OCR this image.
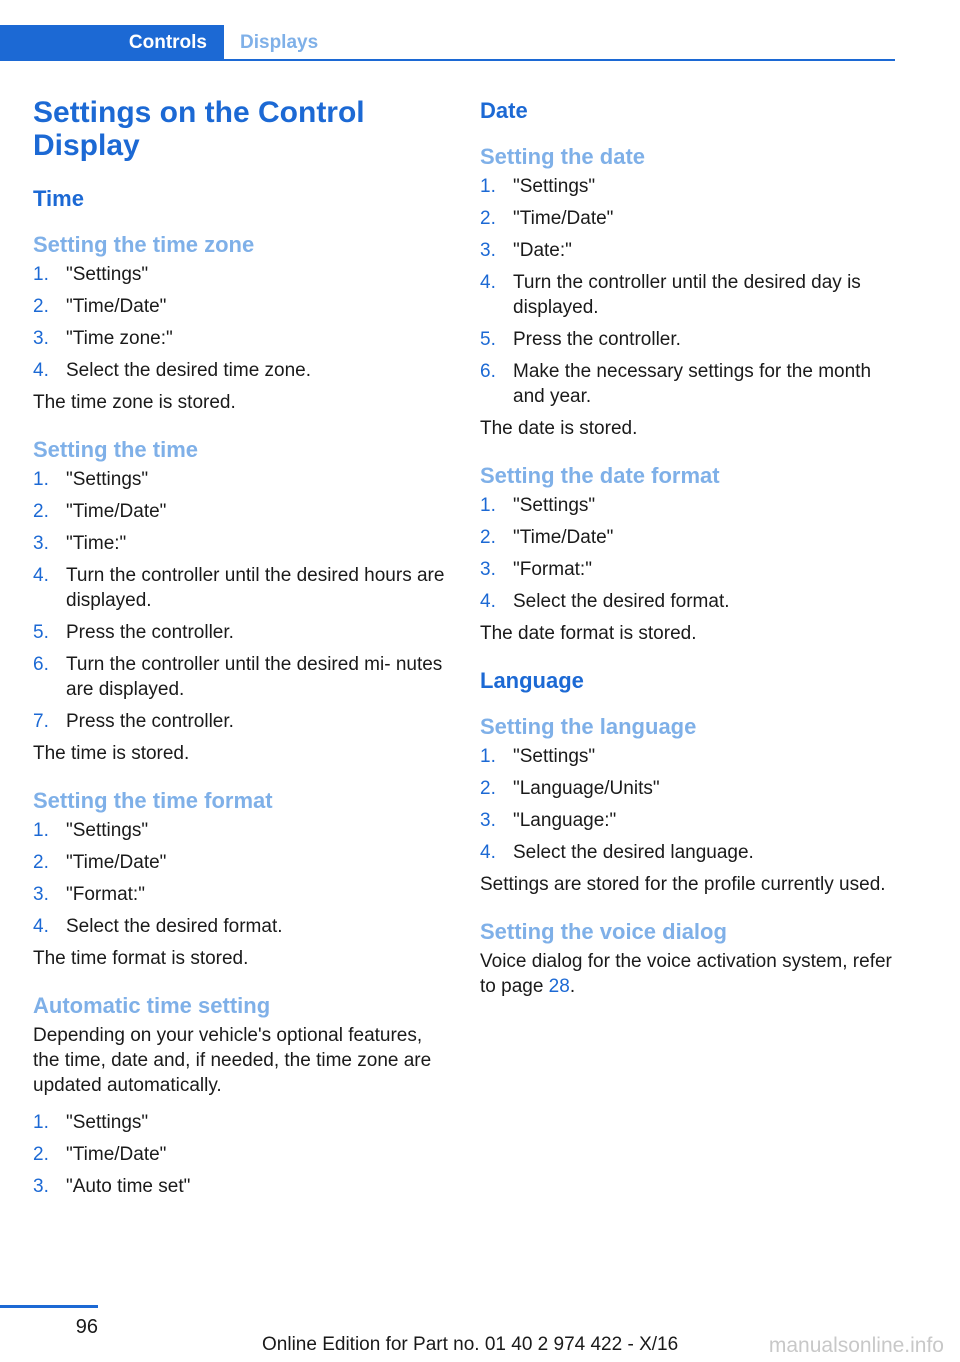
Controls	Displays
Settings on the Control Display
Time
Setting the time zone
1. "Settings"
2. "Time/Date"
3. "Time zone:"
4. Select the desired time zone.

The time zone is stored.

Setting the time
1. "Settings"
2. "Time/Date"
3. "Time:"
4. Turn the controller until the desired hours are displayed.
5. Press the controller.
6. Turn the controller until the desired mi‐ nutes are displayed.
7. Press the controller.

The time is stored.

Setting the time format
1. "Settings"
2. "Time/Date"
3. "Format:"
4. Select the desired format.

The time format is stored.

Automatic time setting

Depending on your vehicle's optional features, the time, date and, if needed, the time zone are updated automatically.

1. "Settings"
2. "Time/Date"
3. "Auto time set"
Date
Setting the date
1. "Settings"
2. "Time/Date"
3. "Date:"
4. Turn the controller until the desired day is displayed.
5. Press the controller.
6. Make the necessary settings for the month and year.

The date is stored.

Setting the date format
1. "Settings"
2. "Time/Date"
3. "Format:"
4. Select the desired format.

The date format is stored.

Language
Setting the language
1. "Settings"
2. "Language/Units"
3. "Language:"
4. Select the desired language.

Settings are stored for the profile currently used.

Setting the voice dialog

Voice dialog for the voice activation system, refer to page 28.

96
Online Edition for Part no. 01 40 2 974 422 - X/16	manualsonline.info
